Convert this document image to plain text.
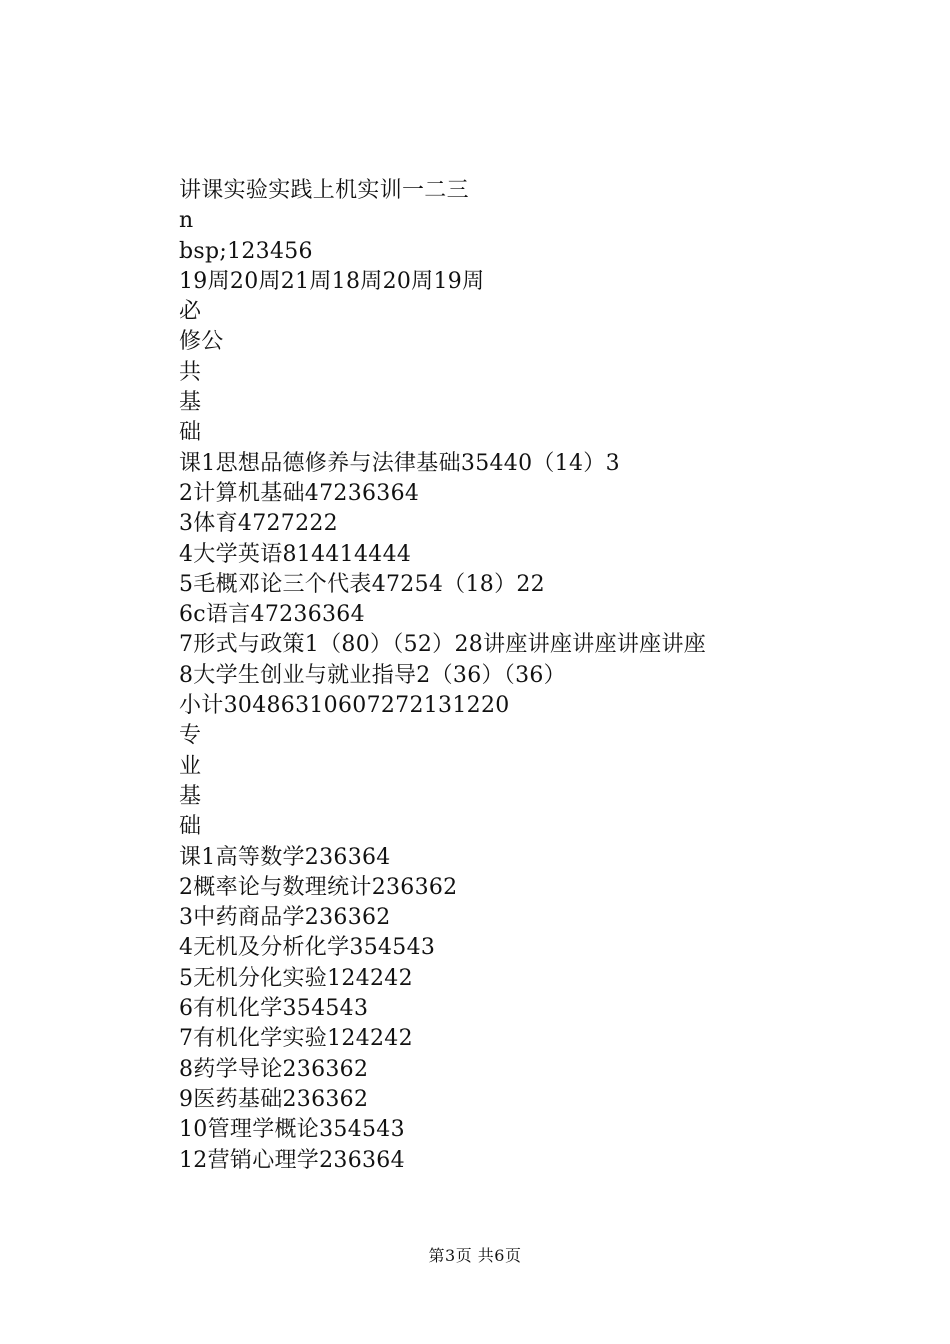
讲课实验实践上机实训一二三
n
bsp;123456
19周20周21周18周20周19周
必
修公
共
基
础
课1思想品德修养与法律基础35440（14）3
2计算机基础47236364
3体育4727222
4大学英语814414444
5毛概邓论三个代表47254（18）22
6c语言47236364
7形式与政策1（80）（52）28讲座讲座讲座讲座讲座
8大学生创业与就业指导2（36）（36）
小计3048631060727213122​0
专
业
基
础
课1高等数学236364
2概率论与数理统计236362
3中药商品学236362
4无机及分析化学354543
5无机分化实验124242
6有机化学354543
7有机化学实验124242
8药学导论236362
9医药基础236362
10管理学概论354543
12营销心理学236364
第3页 共6页
